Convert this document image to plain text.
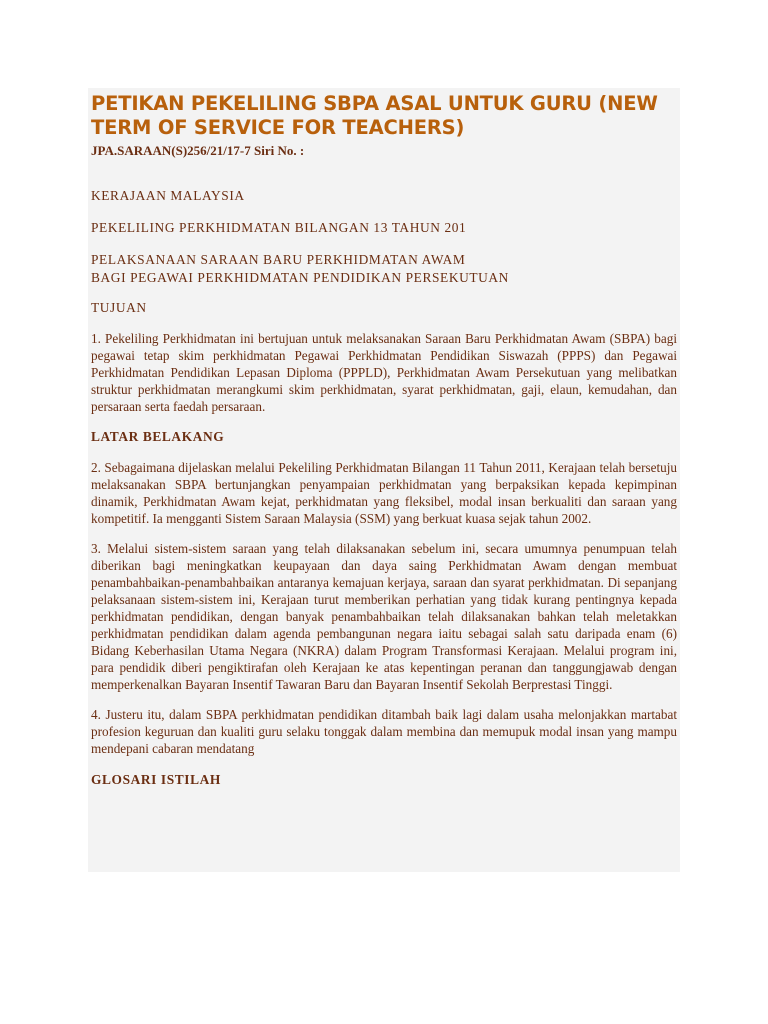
PETIKAN PEKELILING SBPA ASAL UNTUK GURU (NEW TERM OF SERVICE FOR TEACHERS)

JPA.SARAAN(S)256/21/17-7 Siri No. :

KERAJAAN MALAYSIA

PEKELILING PERKHIDMATAN BILANGAN 13 TAHUN 201

PELAKSANAAN SARAAN BARU PERKHIDMATAN AWAM

BAGI PEGAWAI PERKHIDMATAN PENDIDIKAN PERSEKUTUAN

TUJUAN

1. Pekeliling Perkhidmatan ini bertujuan untuk melaksanakan Saraan Baru Perkhidmatan Awam (SBPA) bagi pegawai tetap skim perkhidmatan Pegawai Perkhidmatan Pendidikan Siswazah (PPPS) dan Pegawai Perkhidmatan Pendidikan Lepasan Diploma (PPPLD), Perkhidmatan Awam Persekutuan yang melibatkan struktur perkhidmatan merangkumi skim perkhidmatan, syarat perkhidmatan, gaji, elaun, kemudahan, dan persaraan serta faedah persaraan.

LATAR BELAKANG

2. Sebagaimana dijelaskan melalui Pekeliling Perkhidmatan Bilangan 11 Tahun 2011, Kerajaan telah bersetuju melaksanakan SBPA bertunjangkan penyampaian perkhidmatan yang berpaksikan kepada kepimpinan dinamik, Perkhidmatan Awam kejat, perkhidmatan yang fleksibel, modal insan berkualiti dan saraan yang kompetitif. Ia mengganti Sistem Saraan Malaysia (SSM) yang berkuat kuasa sejak tahun 2002.

3. Melalui sistem-sistem saraan yang telah dilaksanakan sebelum ini, secara umumnya penumpuan telah diberikan bagi meningkatkan keupayaan dan daya saing Perkhidmatan Awam dengan membuat penambahbaikan-penambahbaikan antaranya kemajuan kerjaya, saraan dan syarat perkhidmatan. Di sepanjang pelaksanaan sistem-sistem ini, Kerajaan turut memberikan perhatian yang tidak kurang pentingnya kepada perkhidmatan pendidikan, dengan banyak penambahbaikan telah dilaksanakan bahkan telah meletakkan perkhidmatan pendidikan dalam agenda pembangunan negara iaitu sebagai salah satu daripada enam (6) Bidang Keberhasilan Utama Negara (NKRA) dalam Program Transformasi Kerajaan. Melalui program ini, para pendidik diberi pengiktirafan oleh Kerajaan ke atas kepentingan peranan dan tanggungjawab dengan memperkenalkan Bayaran Insentif Tawaran Baru dan Bayaran Insentif Sekolah Berprestasi Tinggi.

4. Justeru itu, dalam SBPA perkhidmatan pendidikan ditambah baik lagi dalam usaha melonjakkan martabat profesion keguruan dan kualiti guru selaku tonggak dalam membina dan memupuk modal insan yang mampu mendepani cabaran mendatang

GLOSARI ISTILAH
